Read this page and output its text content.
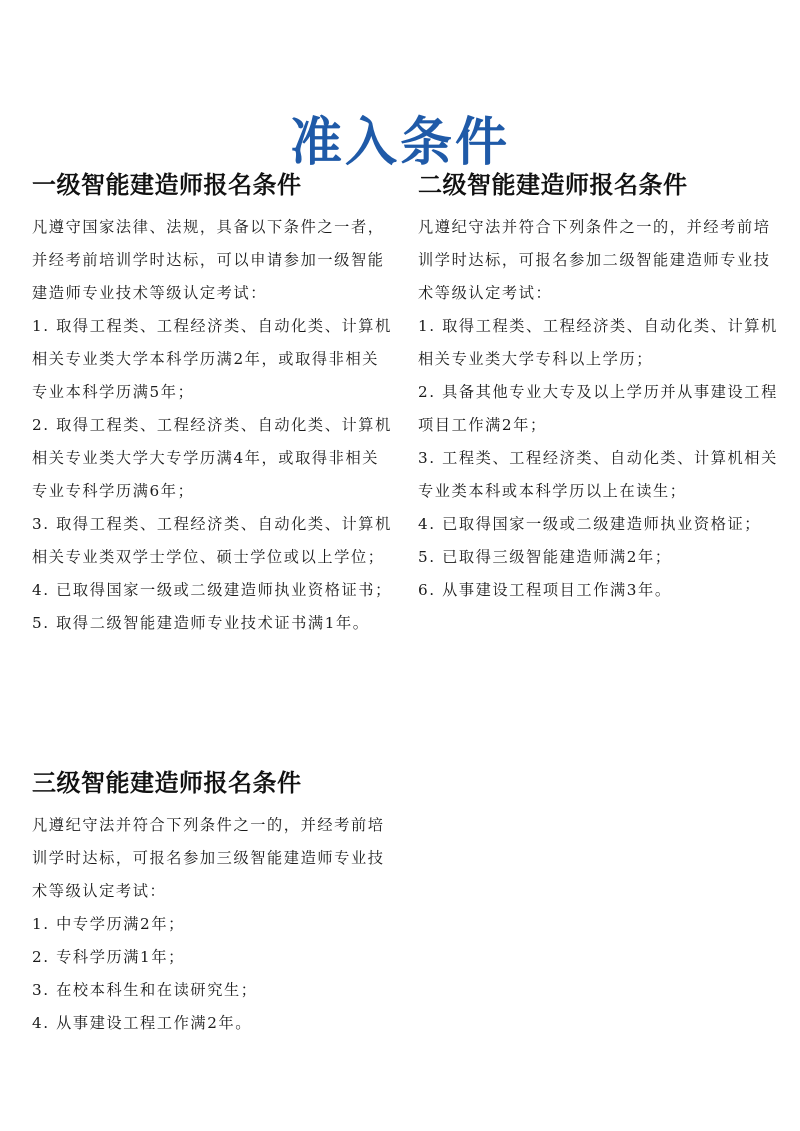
准入条件
一级智能建造师报名条件

凡遵守国家法律、法规，具备以下条件之一者，并经考前培训学时达标，可以申请参加一级智能建造师专业技术等级认定考试：

1. 取得工程类、工程经济类、自动化类、计算机相关专业类大学本科学历满2年，或取得非相关专业本科学历满5年；
2. 取得工程类、工程经济类、自动化类、计算机相关专业类大学大专学历满4年，或取得非相关专业专科学历满6年；
3. 取得工程类、工程经济类、自动化类、计算机相关专业类双学士学位、硕士学位或以上学位；
4. 已取得国家一级或二级建造师执业资格证书；
5. 取得二级智能建造师专业技术证书满1年。
二级智能建造师报名条件

凡遵纪守法并符合下列条件之一的，并经考前培训学时达标，可报名参加二级智能建造师专业技术等级认定考试：

1. 取得工程类、工程经济类、自动化类、计算机相关专业类大学专科以上学历；
2. 具备其他专业大专及以上学历并从事建设工程项目工作满2年；
3. 工程类、工程经济类、自动化类、计算机相关专业类本科或本科学历以上在读生；
4. 已取得国家一级或二级建造师执业资格证；
5. 已取得三级智能建造师满2年；
6. 从事建设工程项目工作满3年。
三级智能建造师报名条件

凡遵纪守法并符合下列条件之一的，并经考前培训学时达标，可报名参加三级智能建造师专业技术等级认定考试：

1. 中专学历满2年；
2. 专科学历满1年；
3. 在校本科生和在读研究生；
4. 从事建设工程工作满2年。
